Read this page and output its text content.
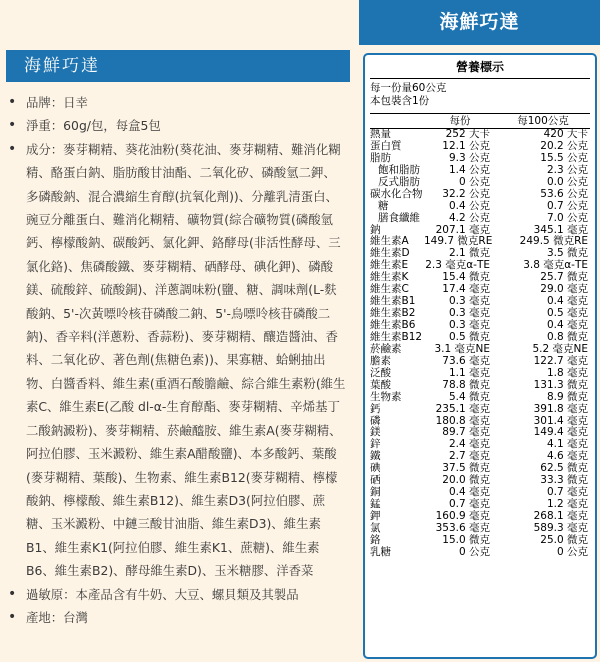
海鮮巧達
• 品牌：日幸
• 淨重：60g/包，每盒5包
• 成分：麥芽糊精、葵花油粉(葵花油、麥芽糊精、難消化糊精、酪蛋白鈉、脂肪酸甘油酯、二氧化矽、磷酸氫二鉀、多磷酸鈉、混合濃縮生育醇(抗氧化劑))、分離乳清蛋白、豌豆分離蛋白、難消化糊精、礦物質(綜合礦物質(磷酸氫鈣、檸檬酸鈉、碳酸鈣、氯化鉀、鉻酵母(非活性酵母、三氯化鉻)、焦磷酸鐵、麥芽糊精、硒酵母、碘化鉀)、磷酸鎂、硫酸鋅、硫酸銅)、洋蔥調味粉(鹽、糖、調味劑(L-麩酸鈉、5'-次黃嘌呤核苷磷酸二鈉、5'-烏嘌呤核苷磷酸二鈉)、香辛料(洋蔥粉、香蒜粉)、麥芽糊精、釀造醬油、香料、二氧化矽、著色劑(焦糖色素))、果寡糖、蛤蜊抽出物、白醬香料、維生素(重酒石酸膽鹼、綜合維生素粉(維生素C、維生素E(乙酸 dl-α-生育醇酯、麥芽糊精、辛烯基丁二酸鈉澱粉)、麥芽糊精、菸鹼醯胺、維生素A(麥芽糊精、阿拉伯膠、玉米澱粉、維生素A醋酸鹽)、本多酸鈣、葉酸(麥芽糊精、葉酸)、生物素、維生素B12(麥芽糊精、檸檬酸鈉、檸檬酸、維生素B12)、維生素D3(阿拉伯膠、蔗糖、玉米澱粉、中鏈三酸甘油脂、維生素D3)、維生素B1、維生素K1(阿拉伯膠、維生素K1、蔗糖)、維生素B6、維生素B2)、酵母維生素D)、玉米糖膠、洋香菜
• 過敏原：本產品含有牛奶、大豆、螺貝類及其製品
• 產地：台灣
海鮮巧達
營養標示
每一份量60公克
本包裝含1份
每份	每100公克
熱量	252 大卡	420 大卡
蛋白質	12.1 公克	20.2 公克
脂肪	9.3 公克	15.5 公克
飽和脂肪	1.4 公克	2.3 公克
反式脂肪	0 公克	0.0 公克
碳水化合物	32.2 公克	53.6 公克
糖	0.4 公克	0.7 公克
膳食纖維	4.2 公克	7.0 公克
鈉	207.1 毫克	345.1 毫克
維生素A	149.7 微克RE	249.5 微克RE
維生素D	2.1 微克	3.5 微克
維生素E	2.3 毫克α-TE	3.8 毫克α-TE
維生素K	15.4 微克	25.7 微克
維生素C	17.4 毫克	29.0 毫克
維生素B1	0.3 毫克	0.4 毫克
維生素B2	0.3 毫克	0.5 毫克
維生素B6	0.3 毫克	0.4 毫克
維生素B12	0.5 微克	0.8 微克
菸鹼素	3.1 毫克NE	5.2 毫克NE
膽素	73.6 毫克	122.7 毫克
泛酸	1.1 毫克	1.8 毫克
葉酸	78.8 微克	131.3 微克
生物素	5.4 微克	8.9 微克
鈣	235.1 毫克	391.8 毫克
磷	180.8 毫克	301.4 毫克
鎂	89.7 毫克	149.4 毫克
鋅	2.4 毫克	4.1 毫克
鐵	2.7 毫克	4.6 毫克
碘	37.5 微克	62.5 微克
硒	20.0 微克	33.3 微克
銅	0.4 毫克	0.7 毫克
錳	0.7 毫克	1.2 毫克
鉀	160.9 毫克	268.1 毫克
氯	353.6 毫克	589.3 毫克
鉻	15.0 微克	25.0 微克
乳糖	0 公克	0 公克
